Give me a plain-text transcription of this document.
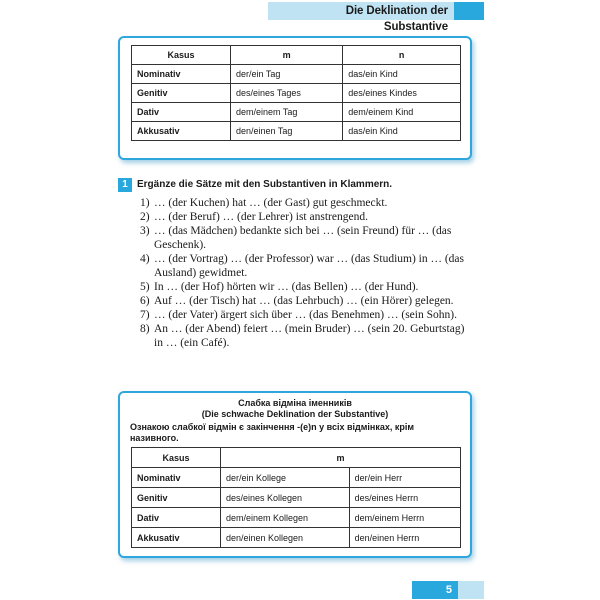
Die Deklination der Substantive
Kasus	m	n
Nominativ	der/ein Tag	das/ein Kind
Genitiv	des/eines Tages	des/eines Kindes
Dativ	dem/einem Tag	dem/einem Kind
Akkusativ	den/einen Tag	das/ein Kind
1 Ergänze die Sätze mit den Substantiven in Klammern.
1) … (der Kuchen) hat … (der Gast) gut geschmeckt.
2) … (der Beruf) … (der Lehrer) ist anstrengend.
3) … (das Mädchen) bedankte sich bei … (sein Freund) für … (das Geschenk).
4) … (der Vortrag) … (der Professor) war … (das Studium) in … (das Ausland) gewidmet.
5) In … (der Hof) hörten wir … (das Bellen) … (der Hund).
6) Auf … (der Tisch) hat … (das Lehrbuch) … (ein Hörer) gelegen.
7) … (der Vater) ärgert sich über … (das Benehmen) … (sein Sohn).
8) An … (der Abend) feiert … (mein Bruder) … (sein 20. Geburtstag) in … (ein Café).
Слабка відміна іменників
(Die schwache Deklination der Substantive)
Ознакою слабкої відмін є закінчення -(е)n у всіх відмінках, крім називного.
Kasus	m	
Nominativ	der/ein Kollege	der/ein Herr
Genitiv	des/eines Kollegen	des/eines Herrn
Dativ	dem/einem Kollegen	dem/einem Herrn
Akkusativ	den/einen Kollegen	den/einen Herrn
5
